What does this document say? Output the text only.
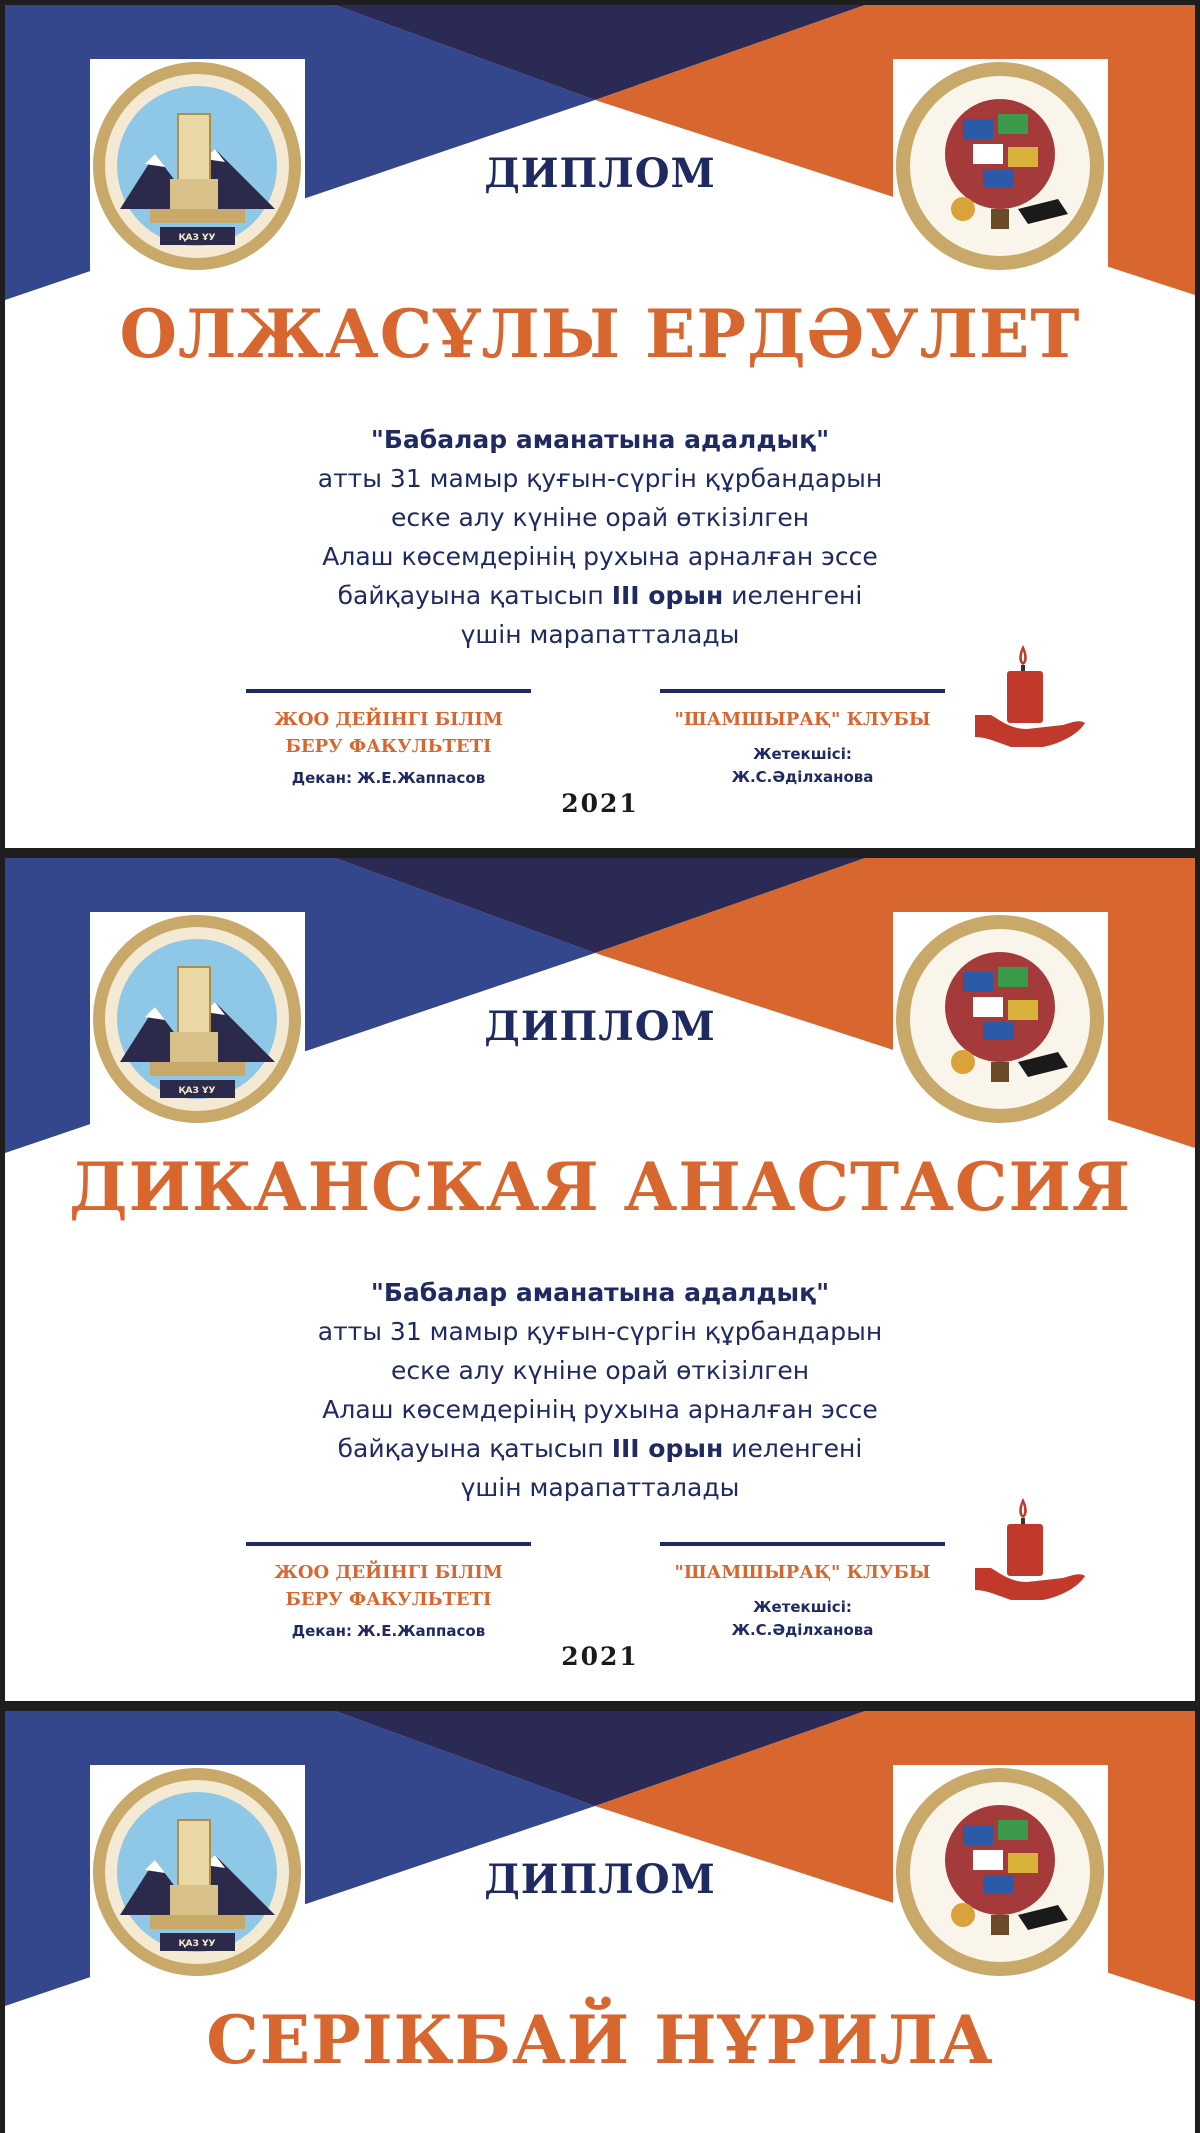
ҚАЗ ҰУ
ДИПЛОМ
ОЛЖАСҰЛЫ ЕРДӘУЛЕТ
"Бабалар аманатына адалдық"
атты 31 мамыр қуғын-сүргін құрбандарын
еске алу күніне орай өткізілген
Алаш көсемдерінің рухына арналған эссе
байқауына қатысып III орын иеленгені
үшін марапатталады
ЖОО ДЕЙІНГІ БІЛІМ
БЕРУ ФАКУЛЬТЕТІ
Декан: Ж.Е.Жаппасов
"ШАМШЫРАҚ" КЛУБЫ
Жетекшісі:
Ж.С.Әділханова
2021
ҚАЗ ҰУ
ДИПЛОМ
ДИКАНСКАЯ АНАСТАСИЯ
"Бабалар аманатына адалдық"
атты 31 мамыр қуғын-сүргін құрбандарын
еске алу күніне орай өткізілген
Алаш көсемдерінің рухына арналған эссе
байқауына қатысып III орын иеленгені
үшін марапатталады
ЖОО ДЕЙІНГІ БІЛІМ
БЕРУ ФАКУЛЬТЕТІ
Декан: Ж.Е.Жаппасов
"ШАМШЫРАҚ" КЛУБЫ
Жетекшісі:
Ж.С.Әділханова
2021
ҚАЗ ҰУ
ДИПЛОМ
СЕРІКБАЙ НҰРИЛА
